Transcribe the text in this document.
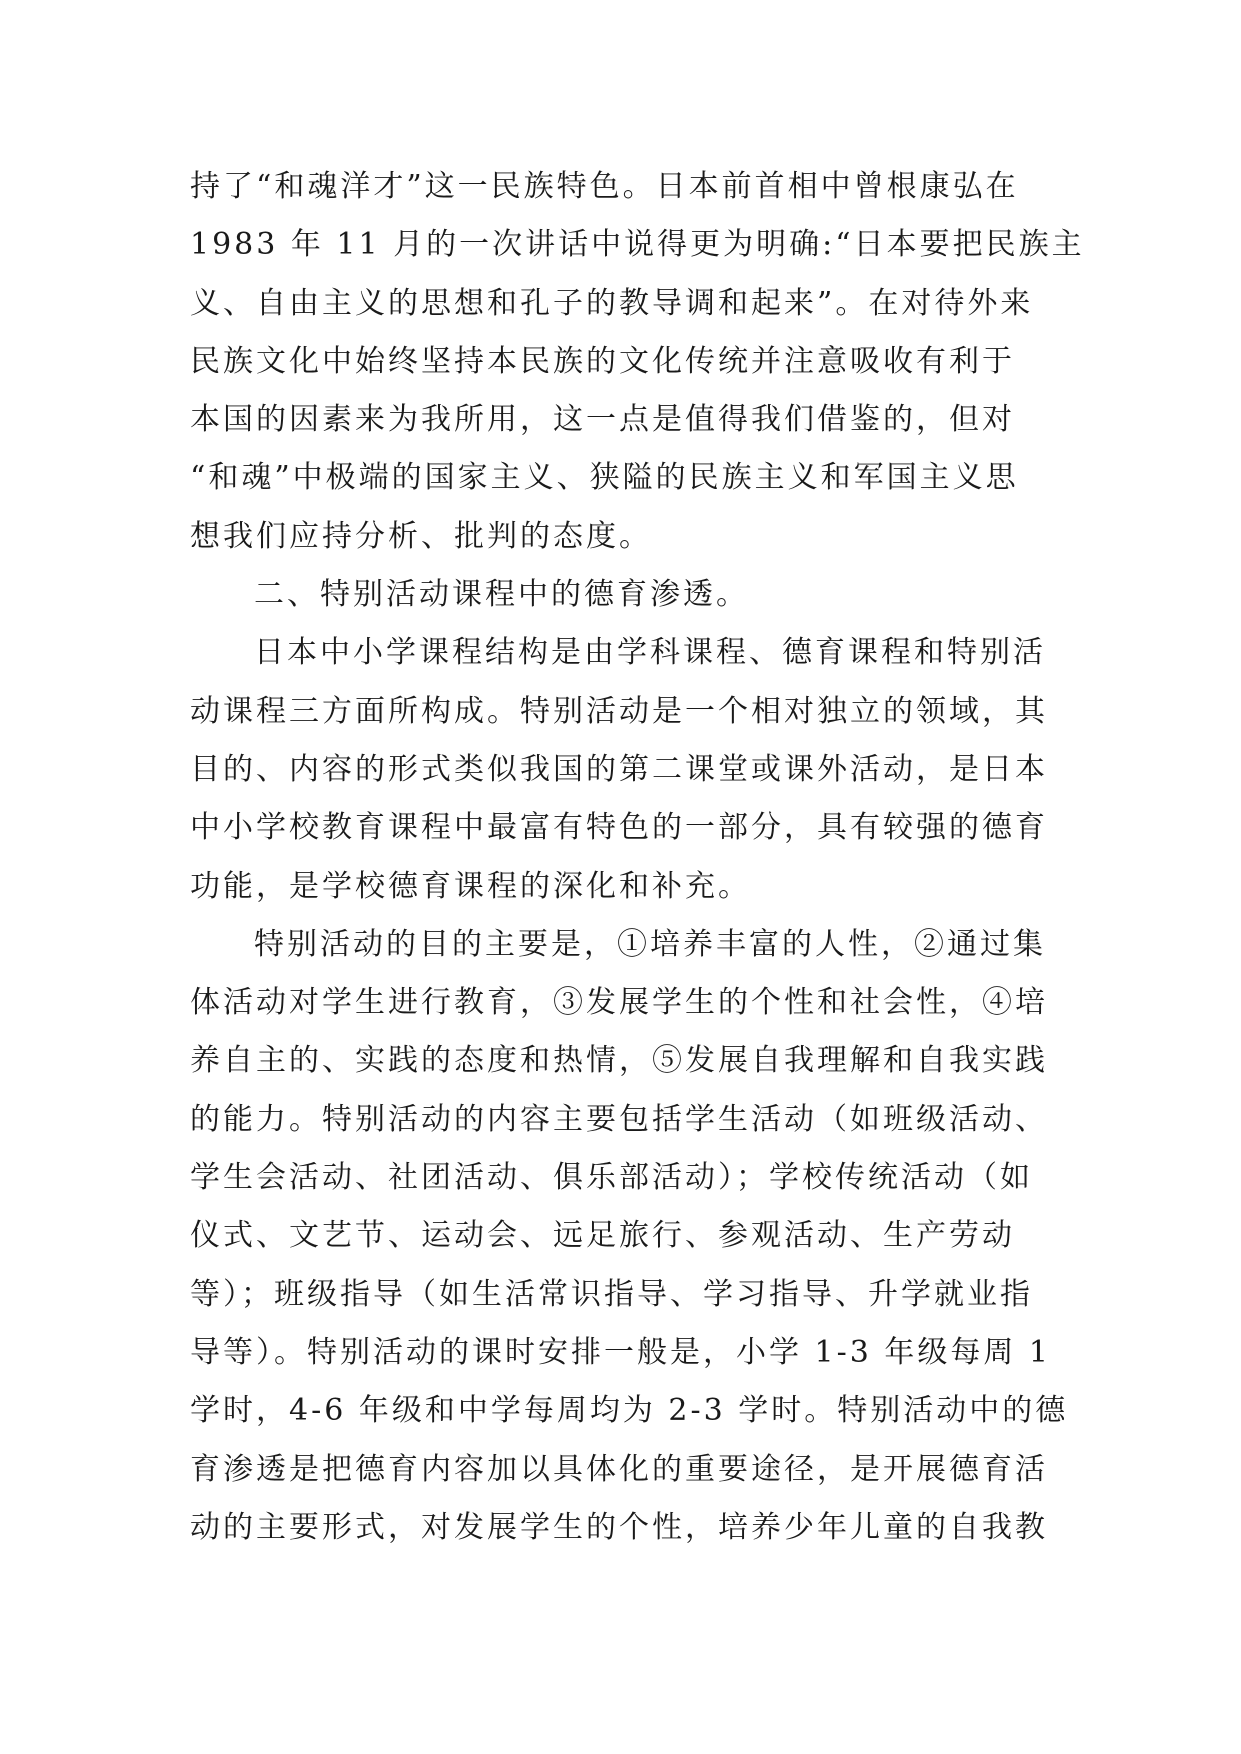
持了“和魂洋才”这一民族特色。日本前首相中曾根康弘在
1983 年 11 月的一次讲话中说得更为明确:“日本要把民族主
义、自由主义的思想和孔子的教导调和起来”。在对待外来
民族文化中始终坚持本民族的文化传统并注意吸收有利于
本国的因素来为我所用，这一点是值得我们借鉴的，但对
“和魂”中极端的国家主义、狭隘的民族主义和军国主义思
想我们应持分析、批判的态度。
二、特别活动课程中的德育渗透。
日本中小学课程结构是由学科课程、德育课程和特别活
动课程三方面所构成。特别活动是一个相对独立的领域，其
目的、内容的形式类似我国的第二课堂或课外活动，是日本
中小学校教育课程中最富有特色的一部分，具有较强的德育
功能，是学校德育课程的深化和补充。
特别活动的目的主要是，①培养丰富的人性，②通过集
体活动对学生进行教育，③发展学生的个性和社会性，④培
养自主的、实践的态度和热情，⑤发展自我理解和自我实践
的能力。特别活动的内容主要包括学生活动（如班级活动、
学生会活动、社团活动、俱乐部活动）；学校传统活动（如
仪式、文艺节、运动会、远足旅行、参观活动、生产劳动
等）；班级指导（如生活常识指导、学习指导、升学就业指
导等）。特别活动的课时安排一般是，小学 1-3 年级每周 1
学时，4-6 年级和中学每周均为 2-3 学时。特别活动中的德
育渗透是把德育内容加以具体化的重要途径，是开展德育活
动的主要形式，对发展学生的个性，培养少年儿童的自我教
